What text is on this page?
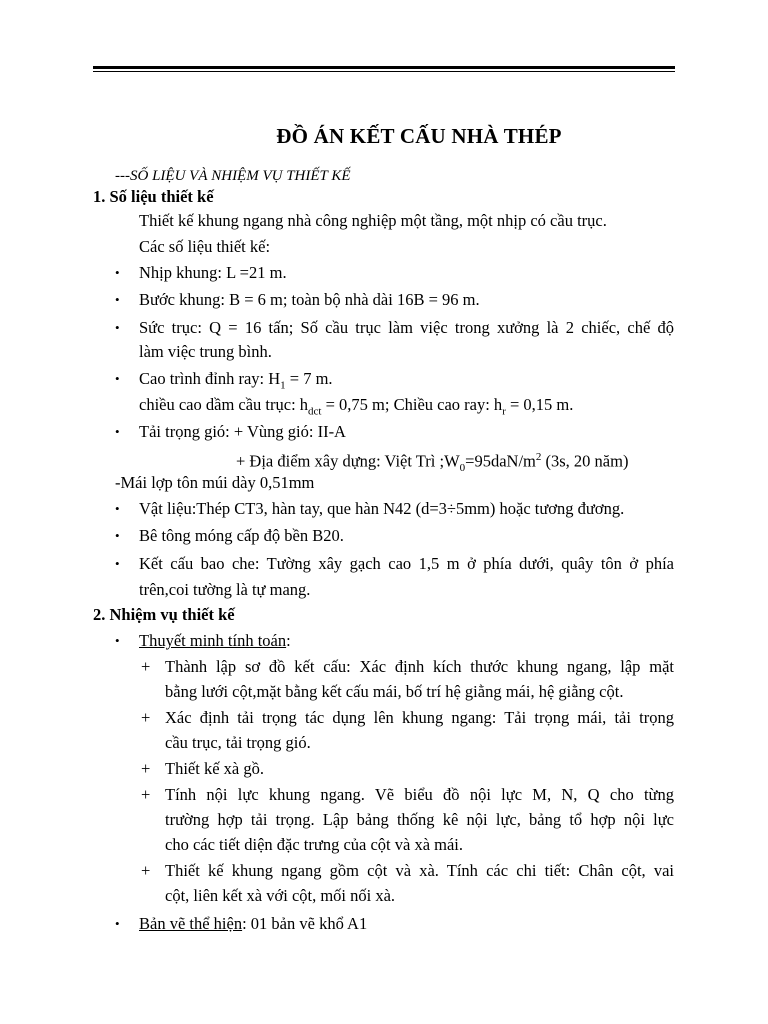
ĐỒ ÁN KẾT CẤU NHÀ THÉP
---SỐ LIỆU VÀ NHIỆM VỤ THIẾT KẾ
1. Số liệu thiết kế
Thiết kế khung ngang nhà công nghiệp một tầng, một nhịp có cầu trục.
Các số liệu thiết kế:
• Nhịp khung: L =21 m.
• Bước khung: B = 6 m; toàn bộ nhà dài 16B = 96 m.
• Sức trục: Q = 16 tấn; Số cầu trục làm việc trong xưởng là 2 chiếc, chế độ
làm việc trung bình.
• Cao trình đỉnh ray: $H_1 = 7$ m.
chiều cao dầm cầu trục: $h_{dct} = 0,75$ m; Chiều cao ray: $h_r = 0,15$ m.
• Tải trọng gió: + Vùng gió: II-A
+ Địa điểm xây dựng: Việt Trì $;W_0=95daN/m^2$ (3s, 20 năm)
-Mái lợp tôn múi dày 0,51mm
• Vật liệu:Thép CT3, hàn tay, que hàn N42 (d=3÷5mm) hoặc tương đương.
• Bê tông móng cấp độ bền B20.
• Kết cấu bao che: Tường xây gạch cao 1,5 m ở phía dưới, quây tôn ở phía
trên,coi tường là tự mang.
2. Nhiệm vụ thiết kế
• Thuyết minh tính toán:
+ Thành lập sơ đồ kết cấu: Xác định kích thước khung ngang, lập mặt
bằng lưới cột,mặt bằng kết cấu mái, bố trí hệ giằng mái, hệ giằng cột.
+ Xác định tải trọng tác dụng lên khung ngang: Tải trọng mái, tải trọng
cầu trục, tải trọng gió.
+ Thiết kế xà gồ.
+ Tính nội lực khung ngang. Vẽ biểu đồ nội lực M, N, Q cho từng
trường hợp tải trọng. Lập bảng thống kê nội lực, bảng tổ hợp nội lực
cho các tiết diện đặc trưng của cột và xà mái.
+ Thiết kế khung ngang gồm cột và xà. Tính các chi tiết: Chân cột, vai
cột, liên kết xà với cột, mối nối xà.
• Bản vẽ thể hiện: 01 bản vẽ khổ A1
